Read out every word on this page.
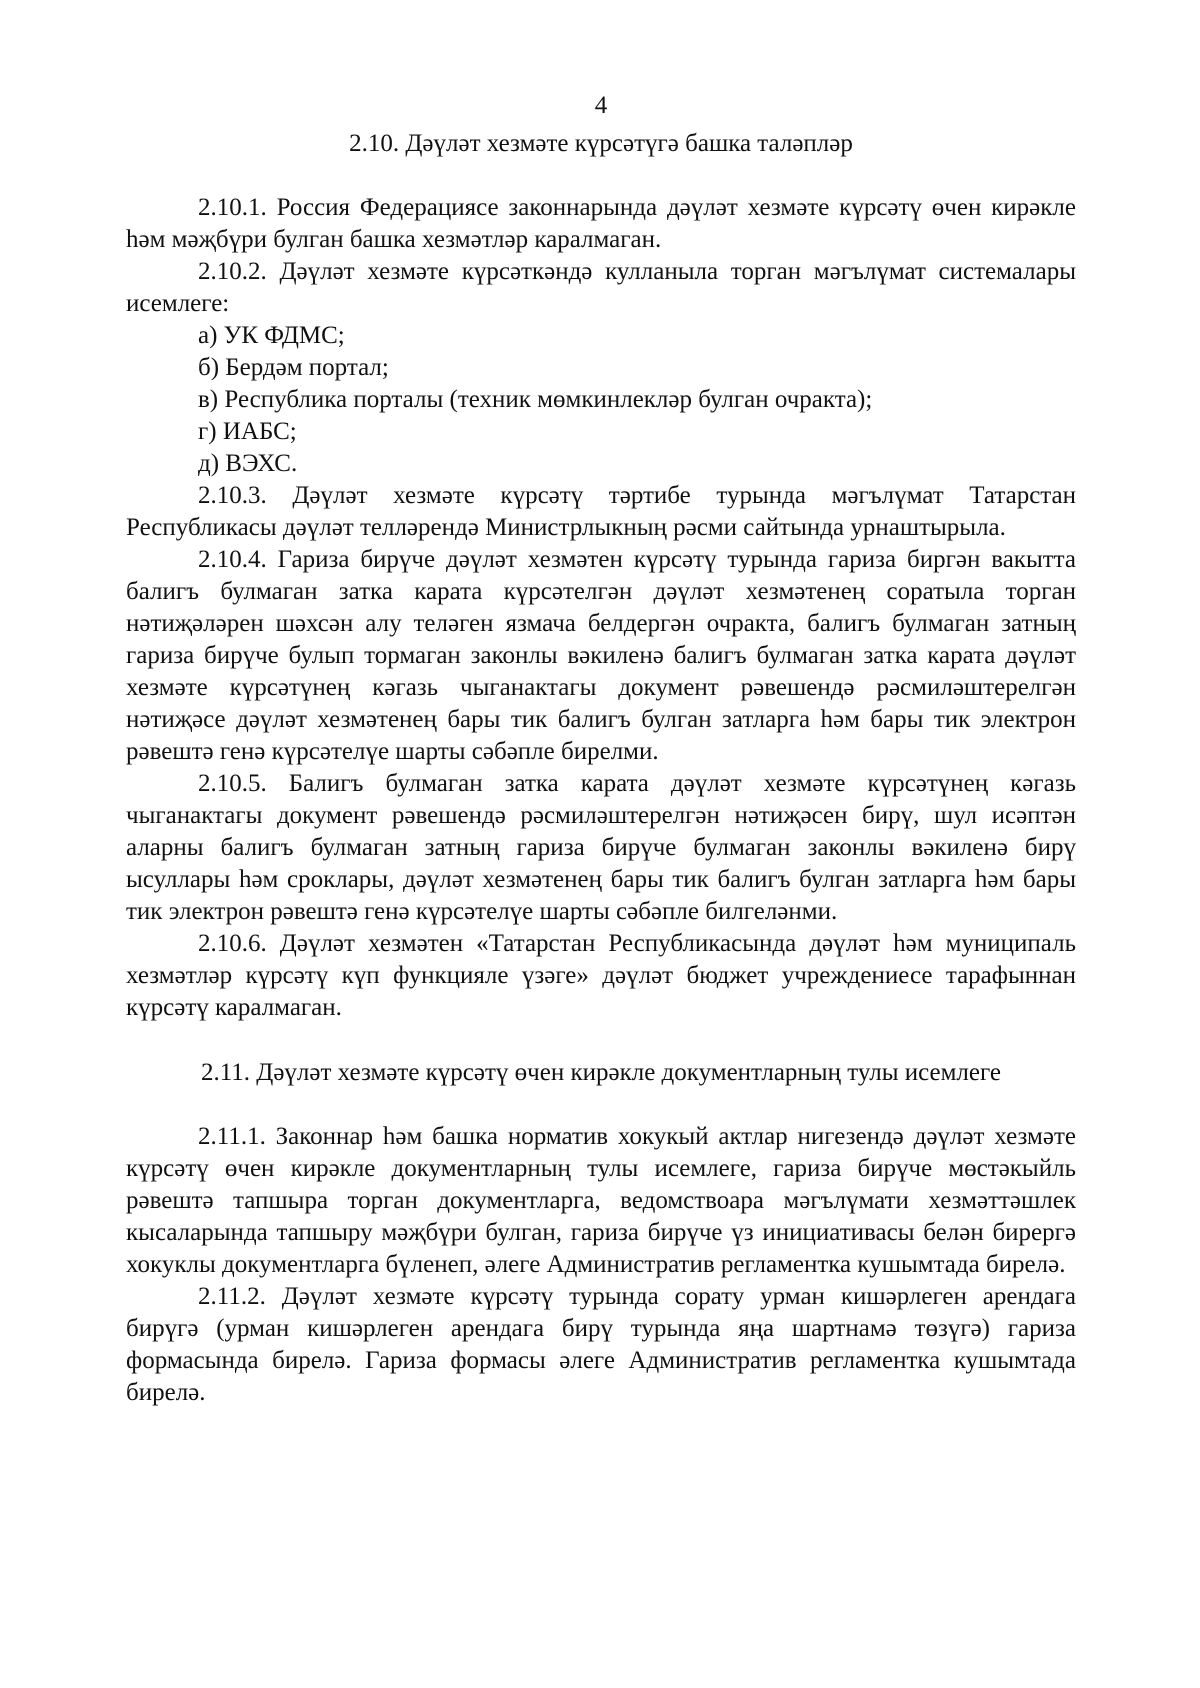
4
2.10. Дәүләт хезмәте күрсәтүгә башка таләпләр

2.10.1. Россия Федерациясе законнарында дәүләт хезмәте күрсәтү өчен кирәкле һәм мәҗбүри булган башка хезмәтләр каралмаган.

2.10.2. Дәүләт хезмәте күрсәткәндә кулланыла торган мәгълүмат системалары исемлеге:

а) УК ФДМС;

б) Бердәм портал;

в) Республика порталы (техник мөмкинлекләр булган очракта);

г) ИАБС;

д) ВЭХС.

2.10.3. Дәүләт хезмәте күрсәтү тәртибе турында мәгълүмат Татарстан Республикасы дәүләт телләрендә Министрлыкның рәсми сайтында урнаштырыла.

2.10.4. Гариза бирүче дәүләт хезмәтен күрсәтү турында гариза биргән вакытта балигъ булмаган затка карата күрсәтелгән дәүләт хезмәтенең соратыла торган нәтиҗәләрен шәхсән алу теләген язмача белдергән очракта, балигъ булмаган затның гариза бирүче булып тормаган законлы вәкиленә балигъ булмаган затка карата дәүләт хезмәте күрсәтүнең кәгазь чыганактагы документ рәвешендә рәсмиләштерелгән нәтиҗәсе дәүләт хезмәтенең бары тик балигъ булган затларга һәм бары тик электрон рәвештә генә күрсәтелүе шарты сәбәпле бирелми.

2.10.5. Балигъ булмаган затка карата дәүләт хезмәте күрсәтүнең кәгазь чыганактагы документ рәвешендә рәсмиләштерелгән нәтиҗәсен бирү, шул исәптән аларны балигъ булмаган затның гариза бирүче булмаган законлы вәкиленә бирү ысуллары һәм сроклары, дәүләт хезмәтенең бары тик балигъ булган затларга һәм бары тик электрон рәвештә генә күрсәтелүе шарты сәбәпле билгеләнми.

2.10.6. Дәүләт хезмәтен «Татарстан Республикасында дәүләт һәм муниципаль хезмәтләр күрсәтү күп функцияле үзәге» дәүләт бюджет учреждениесе тарафыннан күрсәтү каралмаган.

2.11. Дәүләт хезмәте күрсәтү өчен кирәкле документларның тулы исемлеге

2.11.1. Законнар һәм башка норматив хокукый актлар нигезендә дәүләт хезмәте күрсәтү өчен кирәкле документларның тулы исемлеге, гариза бирүче мөстәкыйль рәвештә тапшыра торган документларга, ведомствоара мәгълүмати хезмәттәшлек кысаларында тапшыру мәҗбүри булган, гариза бирүче үз инициативасы белән бирергә хокуклы документларга бүленеп, әлеге Административ регламентка кушымтада бирелә.

2.11.2. Дәүләт хезмәте күрсәтү турында сорату урман кишәрлеген арендага бирүгә (урман кишәрлеген арендага бирү турында яңа шартнамә төзүгә) гариза формасында бирелә. Гариза формасы әлеге Административ регламентка кушымтада бирелә.
